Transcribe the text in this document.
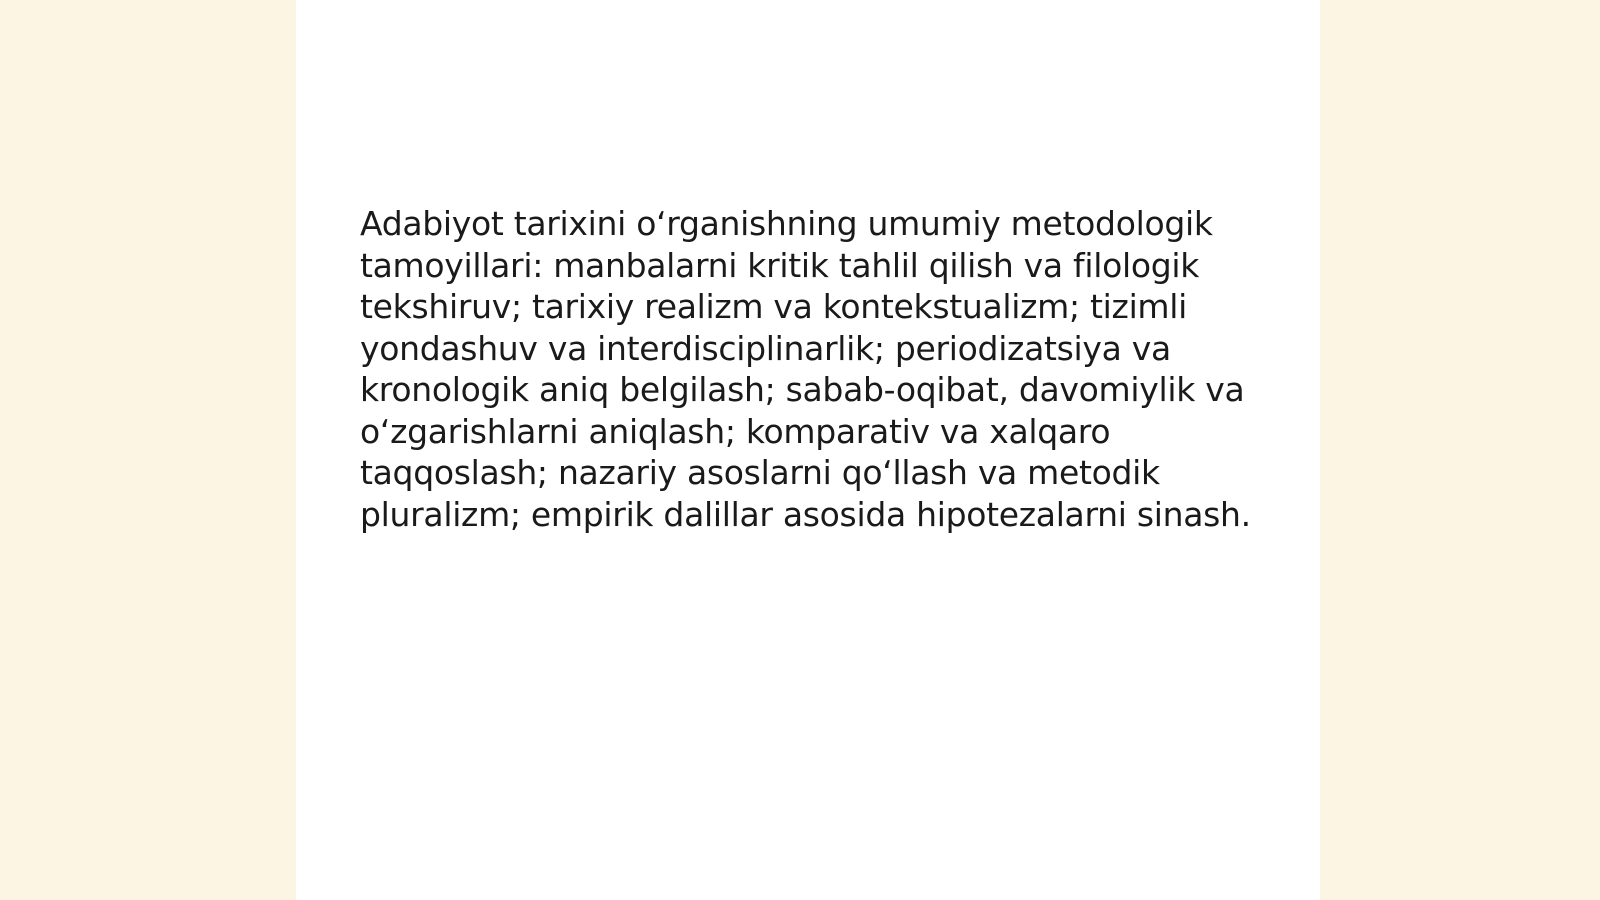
Adabiyot tarixini o‘rganishning umumiy metodologik tamoyillari: manbalarni kritik tahlil qilish va filologik tekshiruv; tarixiy realizm va kontekstualizm; tizimli yondashuv va interdisciplinarlik; periodizatsiya va kronologik aniq belgilash; sabab-oqibat, davomiylik va o‘zgarishlarni aniqlash; komparativ va xalqaro taqqoslash; nazariy asoslarni qo‘llash va metodik pluralizm; empirik dalillar asosida hipotezalarni sinash.
